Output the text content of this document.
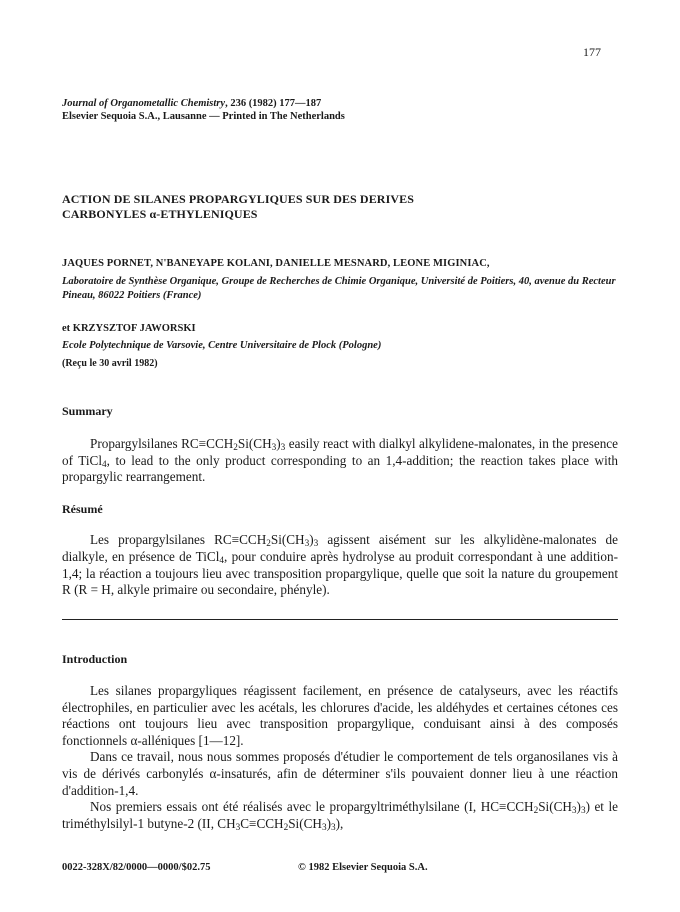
177
Journal of Organometallic Chemistry, 236 (1982) 177—187
Elsevier Sequoia S.A., Lausanne — Printed in The Netherlands
ACTION DE SILANES PROPARGYLIQUES SUR DES DERIVES
CARBONYLES α-ETHYLENIQUES
JAQUES PORNET, N'BANEYAPE KOLANI, DANIELLE MESNARD, LEONE MIGINIAC,
Laboratoire de Synthèse Organique, Groupe de Recherches de Chimie Organique, Université de Poitiers, 40, avenue du Recteur Pineau, 86022 Poitiers (France)
et KRZYSZTOF JAWORSKI
Ecole Polytechnique de Varsovie, Centre Universitaire de Plock (Pologne)
(Reçu le 30 avril 1982)
Summary
Propargylsilanes $RC\equiv CCH_2Si(CH_3)_3$ easily react with dialkyl alkylidene-malonates, in the presence of TiCl$_4$, to lead to the only product corresponding to an 1,4-addition; the reaction takes place with propargylic rearrangement.
Résumé
Les propargylsilanes $RC\equiv CCH_2Si(CH_3)_3$ agissent aisément sur les alkylidène-malonates de dialkyle, en présence de TiCl$_4$, pour conduire après hydrolyse au produit correspondant à une addition-1,4; la réaction a toujours lieu avec transposition propargylique, quelle que soit la nature du groupement R (R = H, alkyle primaire ou secondaire, phényle).
Introduction

Les silanes propargyliques réagissent facilement, en présence de catalyseurs, avec les réactifs électrophiles, en particulier avec les acétals, les chlorures d'acide, les aldéhydes et certaines cétones ces réactions ont toujours lieu avec transposition propargylique, conduisant ainsi à des composés fonctionnels α-alléniques [1—12].

Dans ce travail, nous nous sommes proposés d'étudier le comportement de tels organosilanes vis à vis de dérivés carbonylés α-insaturés, afin de déterminer s'ils pouvaient donner lieu à une réaction d'addition-1,4.

Nos premiers essais ont été réalisés avec le propargyltriméthylsilane (I, $HC\equiv CCH_2Si(CH_3)_3$) et le triméthylsilyl-1 butyne-2 (II, $CH_3C\equiv CCH_2Si(CH_3)_3$),

0022-328X/82/0000—0000/$02.75	© 1982 Elsevier Sequoia S.A.
